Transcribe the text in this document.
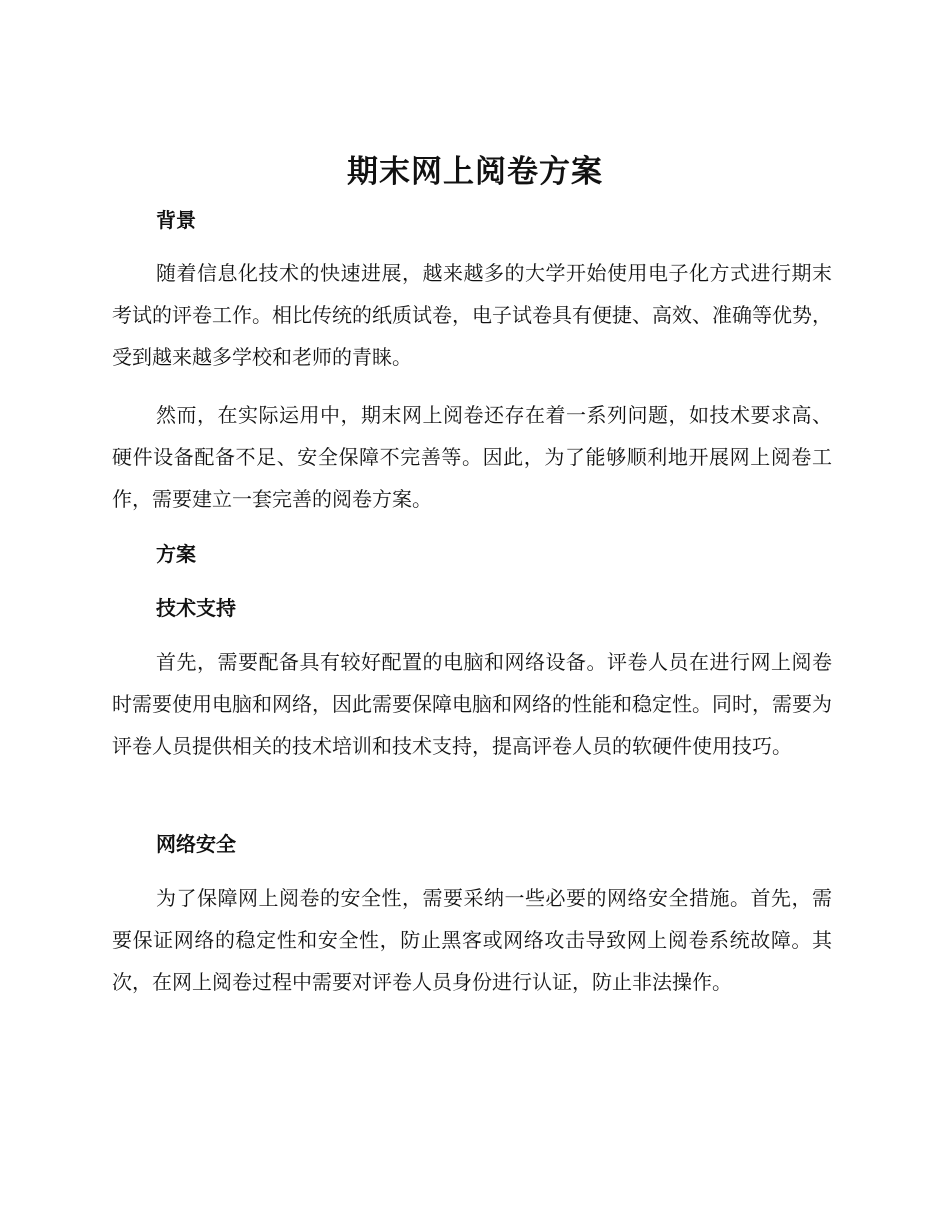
期末网上阅卷方案
背景

随着信息化技术的快速进展，越来越多的大学开始使用电子化方式进行期末考试的评卷工作。相比传统的纸质试卷，电子试卷具有便捷、高效、准确等优势，受到越来越多学校和老师的青睐。

然而，在实际运用中，期末网上阅卷还存在着一系列问题，如技术要求高、硬件设备配备不足、安全保障不完善等。因此，为了能够顺利地开展网上阅卷工作，需要建立一套完善的阅卷方案。

方案
技术支持

首先，需要配备具有较好配置的电脑和网络设备。评卷人员在进行网上阅卷时需要使用电脑和网络，因此需要保障电脑和网络的性能和稳定性。同时，需要为评卷人员提供相关的技术培训和技术支持，提高评卷人员的软硬件使用技巧。

网络安全

为了保障网上阅卷的安全性，需要采纳一些必要的网络安全措施。首先，需要保证网络的稳定性和安全性，防止黑客或网络攻击导致网上阅卷系统故障。其次，在网上阅卷过程中需要对评卷人员身份进行认证，防止非法操作。
